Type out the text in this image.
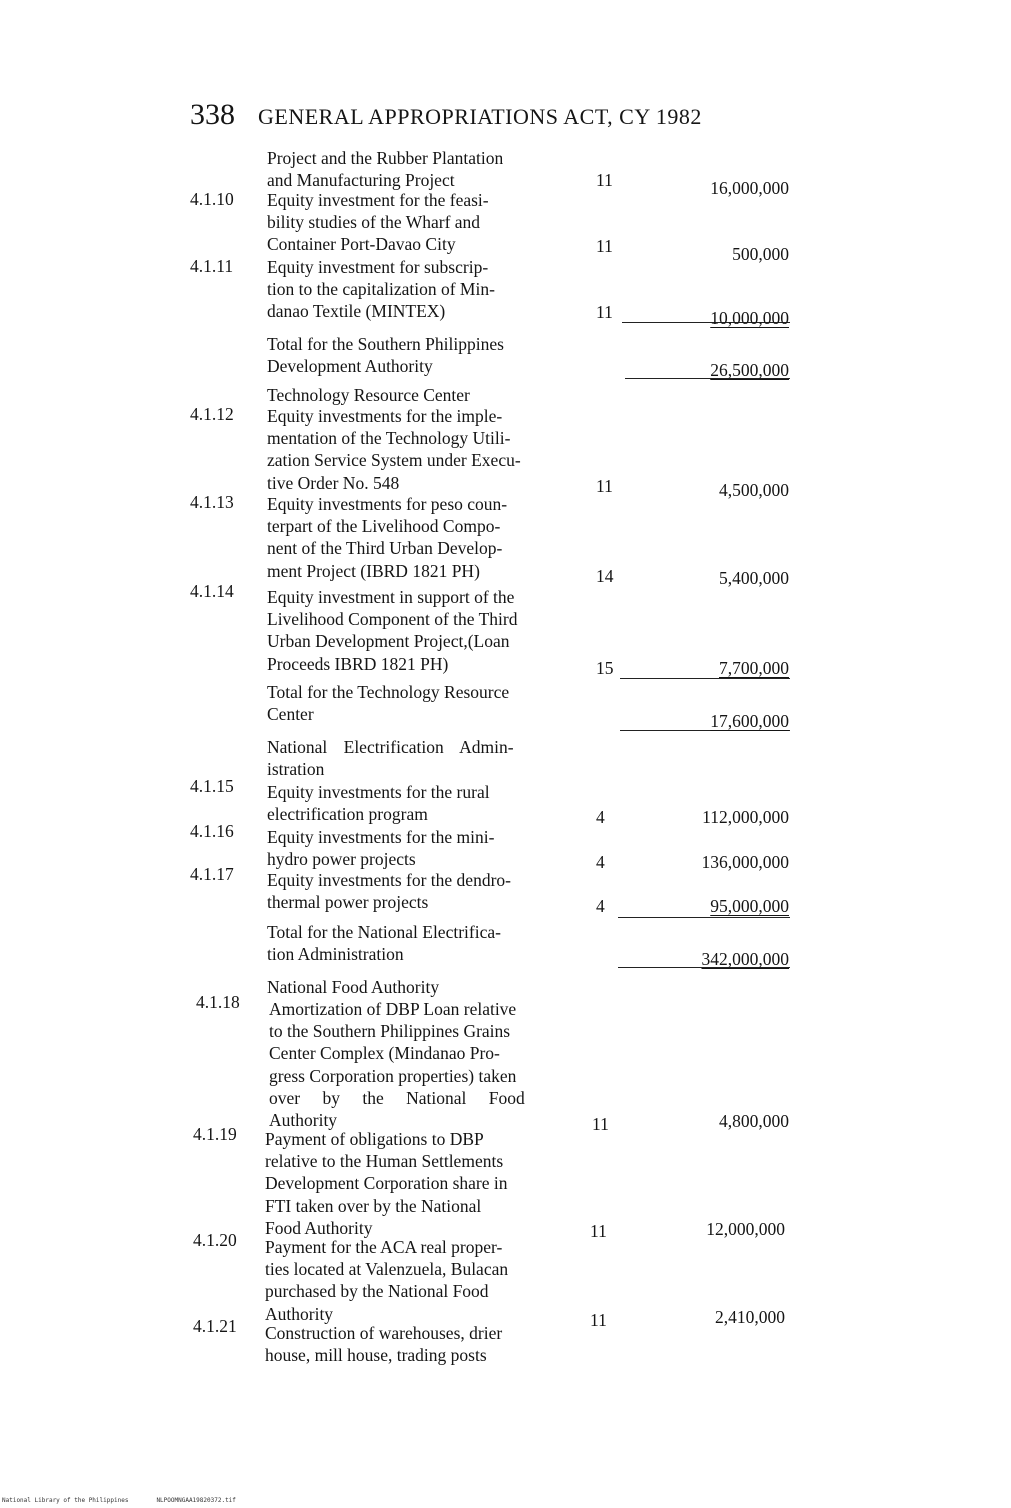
338 GENERAL APPROPRIATIONS ACT, CY 1982
Project and the Rubber Plantation
and Manufacturing Project	11	16,000,000
4.1.10 Equity investment for the feasi-
bility studies of the Wharf and
Container Port-Davao City	11	500,000
4.1.11 Equity investment for subscrip-
tion to the capitalization of Min-
danao Textile (MINTEX)	11	10,000,000
Total for the Southern Philippines
Development Authority	26,500,000
Technology Resource Center
4.1.12 Equity investments for the imple-
mentation of the Technology Utili-
zation Service System under Execu-
tive Order No. 548	11	4,500,000
4.1.13 Equity investments for peso coun-
terpart of the Livelihood Compo-
nent of the Third Urban Develop-
ment Project (IBRD 1821 PH)	14	5,400,000
4.1.14 Equity investment in support of the
Livelihood Component of the Third
Urban Development Project,(Loan
Proceeds IBRD 1821 PH)	15	7,700,000
Total for the Technology Resource
Center	17,600,000
National Electrification Admin-
istration
4.1.15 Equity investments for the rural
electrification program	4	112,000,000
4.1.16 Equity investments for the mini-
hydro power projects	4	136,000,000
4.1.17 Equity investments for the dendro-
thermal power projects	4	95,000,000
Total for the National Electrifica-
tion Administration	342,000,000
National Food Authority
4.1.18 Amortization of DBP Loan relative
to the Southern Philippines Grains
Center Complex (Mindanao Pro-
gress Corporation properties) taken
over by the National Food
Authority	11	4,800,000
4.1.19 Payment of obligations to DBP
relative to the Human Settlements
Development Corporation share in
FTI taken over by the National
Food Authority	11	12,000,000
4.1.20 Payment for the ACA real proper-
ties located at Valenzuela, Bulacan
purchased by the National Food
Authority	11	2,410,000
4.1.21 Construction of warehouses, drier
house, mill house, trading posts
National Library of the Philippines	NLPOOMNGAA19820372.tif
